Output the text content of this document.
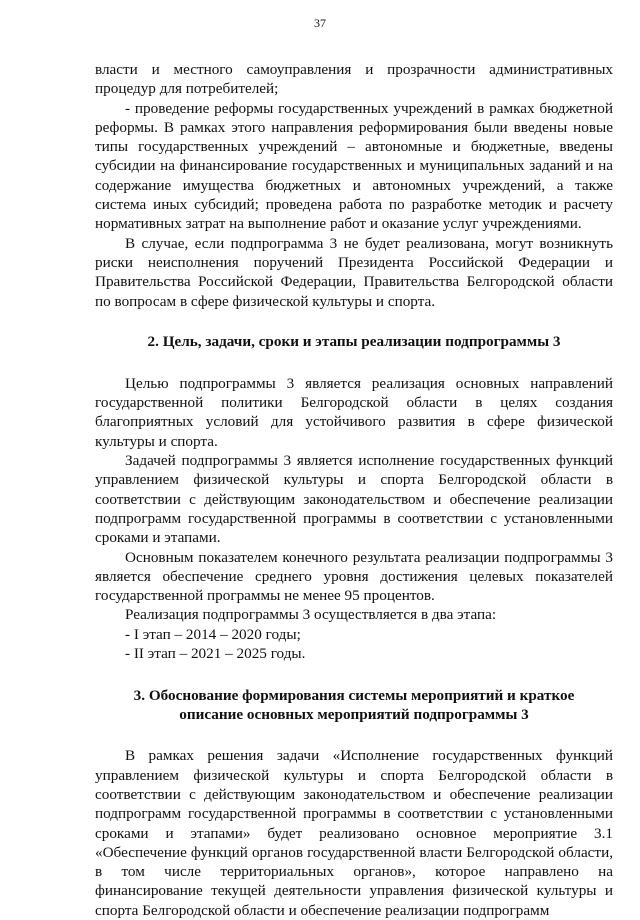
37

власти и местного самоуправления и прозрачности административных процедур для потребителей;

- проведение реформы государственных учреждений в рамках бюджетной реформы. В рамках этого направления реформирования были введены новые типы государственных учреждений – автономные и бюджетные, введены субсидии на финансирование государственных и муниципальных заданий и на содержание имущества бюджетных и автономных учреждений, а также система иных субсидий; проведена работа по разработке методик и расчету нормативных затрат на выполнение работ и оказание услуг учреждениями.

В случае, если подпрограмма 3 не будет реализована, могут возникнуть риски неисполнения поручений Президента Российской Федерации и Правительства Российской Федерации, Правительства Белгородской области по вопросам в сфере физической культуры и спорта.

2. Цель, задачи, сроки и этапы реализации подпрограммы 3

Целью подпрограммы 3 является реализация основных направлений государственной политики Белгородской области в целях создания благоприятных условий для устойчивого развития в сфере физической культуры и спорта.

Задачей подпрограммы 3 является исполнение государственных функций управлением физической культуры и спорта Белгородской области в соответствии с действующим законодательством и обеспечение реализации подпрограмм государственной программы в соответствии с установленными сроками и этапами.

Основным показателем конечного результата реализации подпрограммы 3 является обеспечение среднего уровня достижения целевых показателей государственной программы не менее 95 процентов.

Реализация подпрограммы 3 осуществляется в два этапа:

- I этап – 2014 – 2020 годы;

- II этап – 2021 – 2025 годы.

3. Обоснование формирования системы мероприятий и краткое

описание основных мероприятий подпрограммы 3

В рамках решения задачи «Исполнение государственных функций управлением физической культуры и спорта Белгородской области в соответствии с действующим законодательством и обеспечение реализации подпрограмм государственной программы в соответствии с установленными сроками и этапами» будет реализовано основное мероприятие 3.1 «Обеспечение функций органов государственной власти Белгородской области, в том числе территориальных органов», которое направлено на финансирование текущей деятельности управления физической культуры и спорта Белгородской области и обеспечение реализации подпрограмм
